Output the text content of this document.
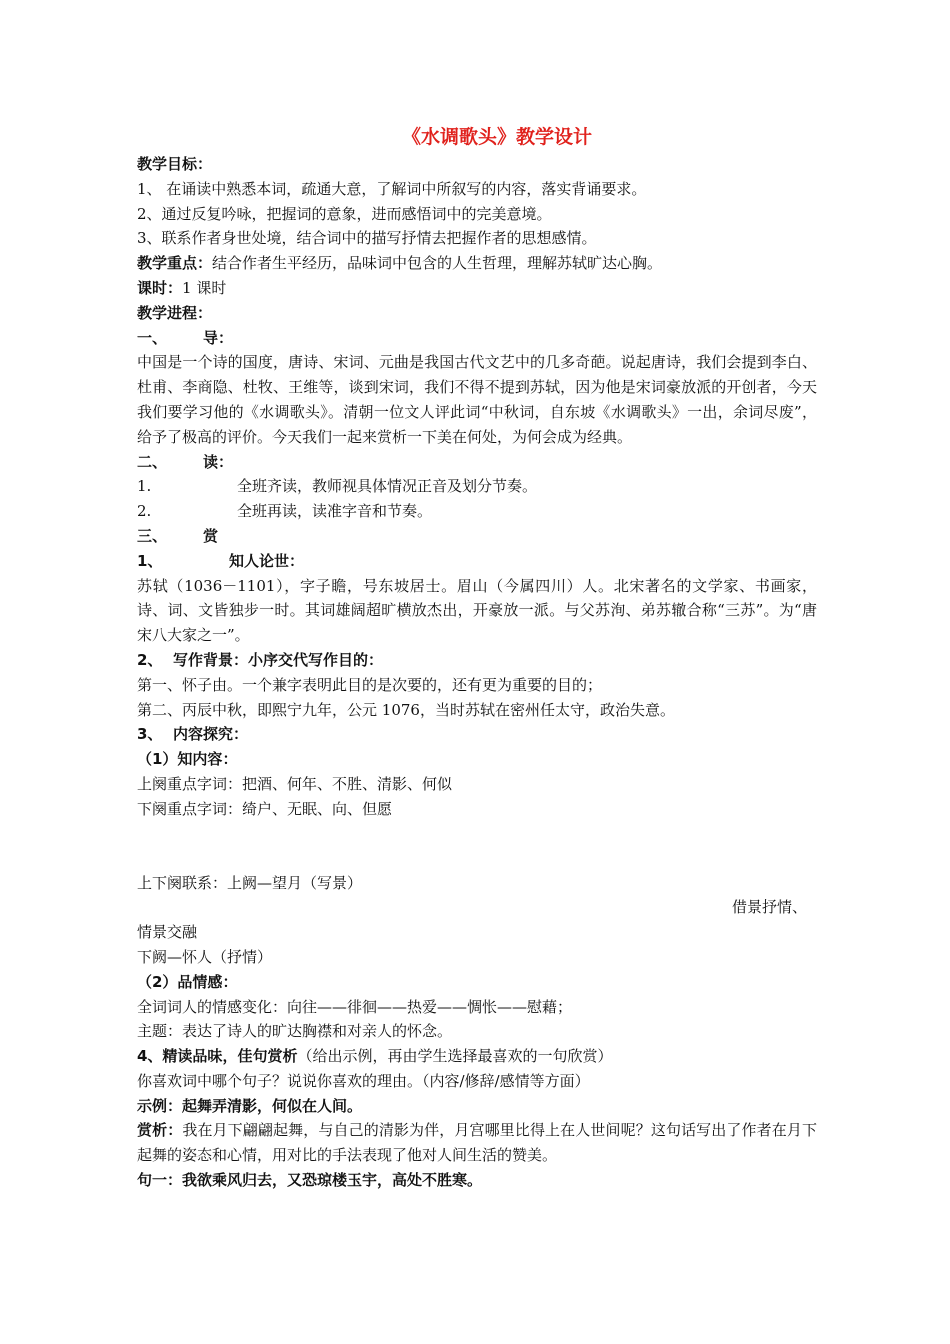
《水调歌头》教学设计
教学目标：
1、 在诵读中熟悉本词，疏通大意，了解词中所叙写的内容，落实背诵要求。
2、通过反复吟咏，把握词的意象，进而感悟词中的完美意境。
3、联系作者身世处境，结合词中的描写抒情去把握作者的思想感情。
教学重点：结合作者生平经历，品味词中包含的人生哲理，理解苏轼旷达心胸。
课时：1 课时
教学进程：
一、 导：
中国是一个诗的国度，唐诗、宋词、元曲是我国古代文艺中的几多奇葩。说起唐诗，我们会提到李白、杜甫、李商隐、杜牧、王维等，谈到宋词，我们不得不提到苏轼，因为他是宋词豪放派的开创者，今天我们要学习他的《水调歌头》。清朝一位文人评此词“中秋词，自东坡《水调歌头》一出，余词尽废”，给予了极高的评价。今天我们一起来赏析一下美在何处，为何会成为经典。
二、 读：
1.	全班齐读，教师视具体情况正音及划分节奏。
2.	全班再读，读准字音和节奏。
三、 赏
1、	知人论世：
苏轼（1036－1101），字子瞻，号东坡居士。眉山（今属四川）人。北宋著名的文学家、书画家，诗、词、文皆独步一时。其词雄阔超旷横放杰出，开豪放一派。与父苏洵、弟苏辙合称“三苏”。为“唐宋八大家之一”。
2、 写作背景：小序交代写作目的：
第一、怀子由。一个兼字表明此目的是次要的，还有更为重要的目的；
第二、丙辰中秋，即熙宁九年，公元 1076，当时苏轼在密州任太守，政治失意。
3、 内容探究：
（1）知内容：
上阕重点字词：把酒、何年、不胜、清影、何似
下阕重点字词：绮户、无眠、向、但愿
上下阕联系：上阙—望月（写景）
借景抒情、
情景交融
下阙—怀人（抒情）
（2）品情感：
全词词人的情感变化：向往——徘徊——热爱——惆怅——慰藉；
主题：表达了诗人的旷达胸襟和对亲人的怀念。
4、精读品味，佳句赏析（给出示例，再由学生选择最喜欢的一句欣赏）
你喜欢词中哪个句子？说说你喜欢的理由。（内容/修辞/感情等方面）
示例：起舞弄清影，何似在人间。
赏析：我在月下翩翩起舞，与自己的清影为伴，月宫哪里比得上在人世间呢？这句话写出了作者在月下起舞的姿态和心情，用对比的手法表现了他对人间生活的赞美。
句一：我欲乘风归去，又恐琼楼玉宇，高处不胜寒。
